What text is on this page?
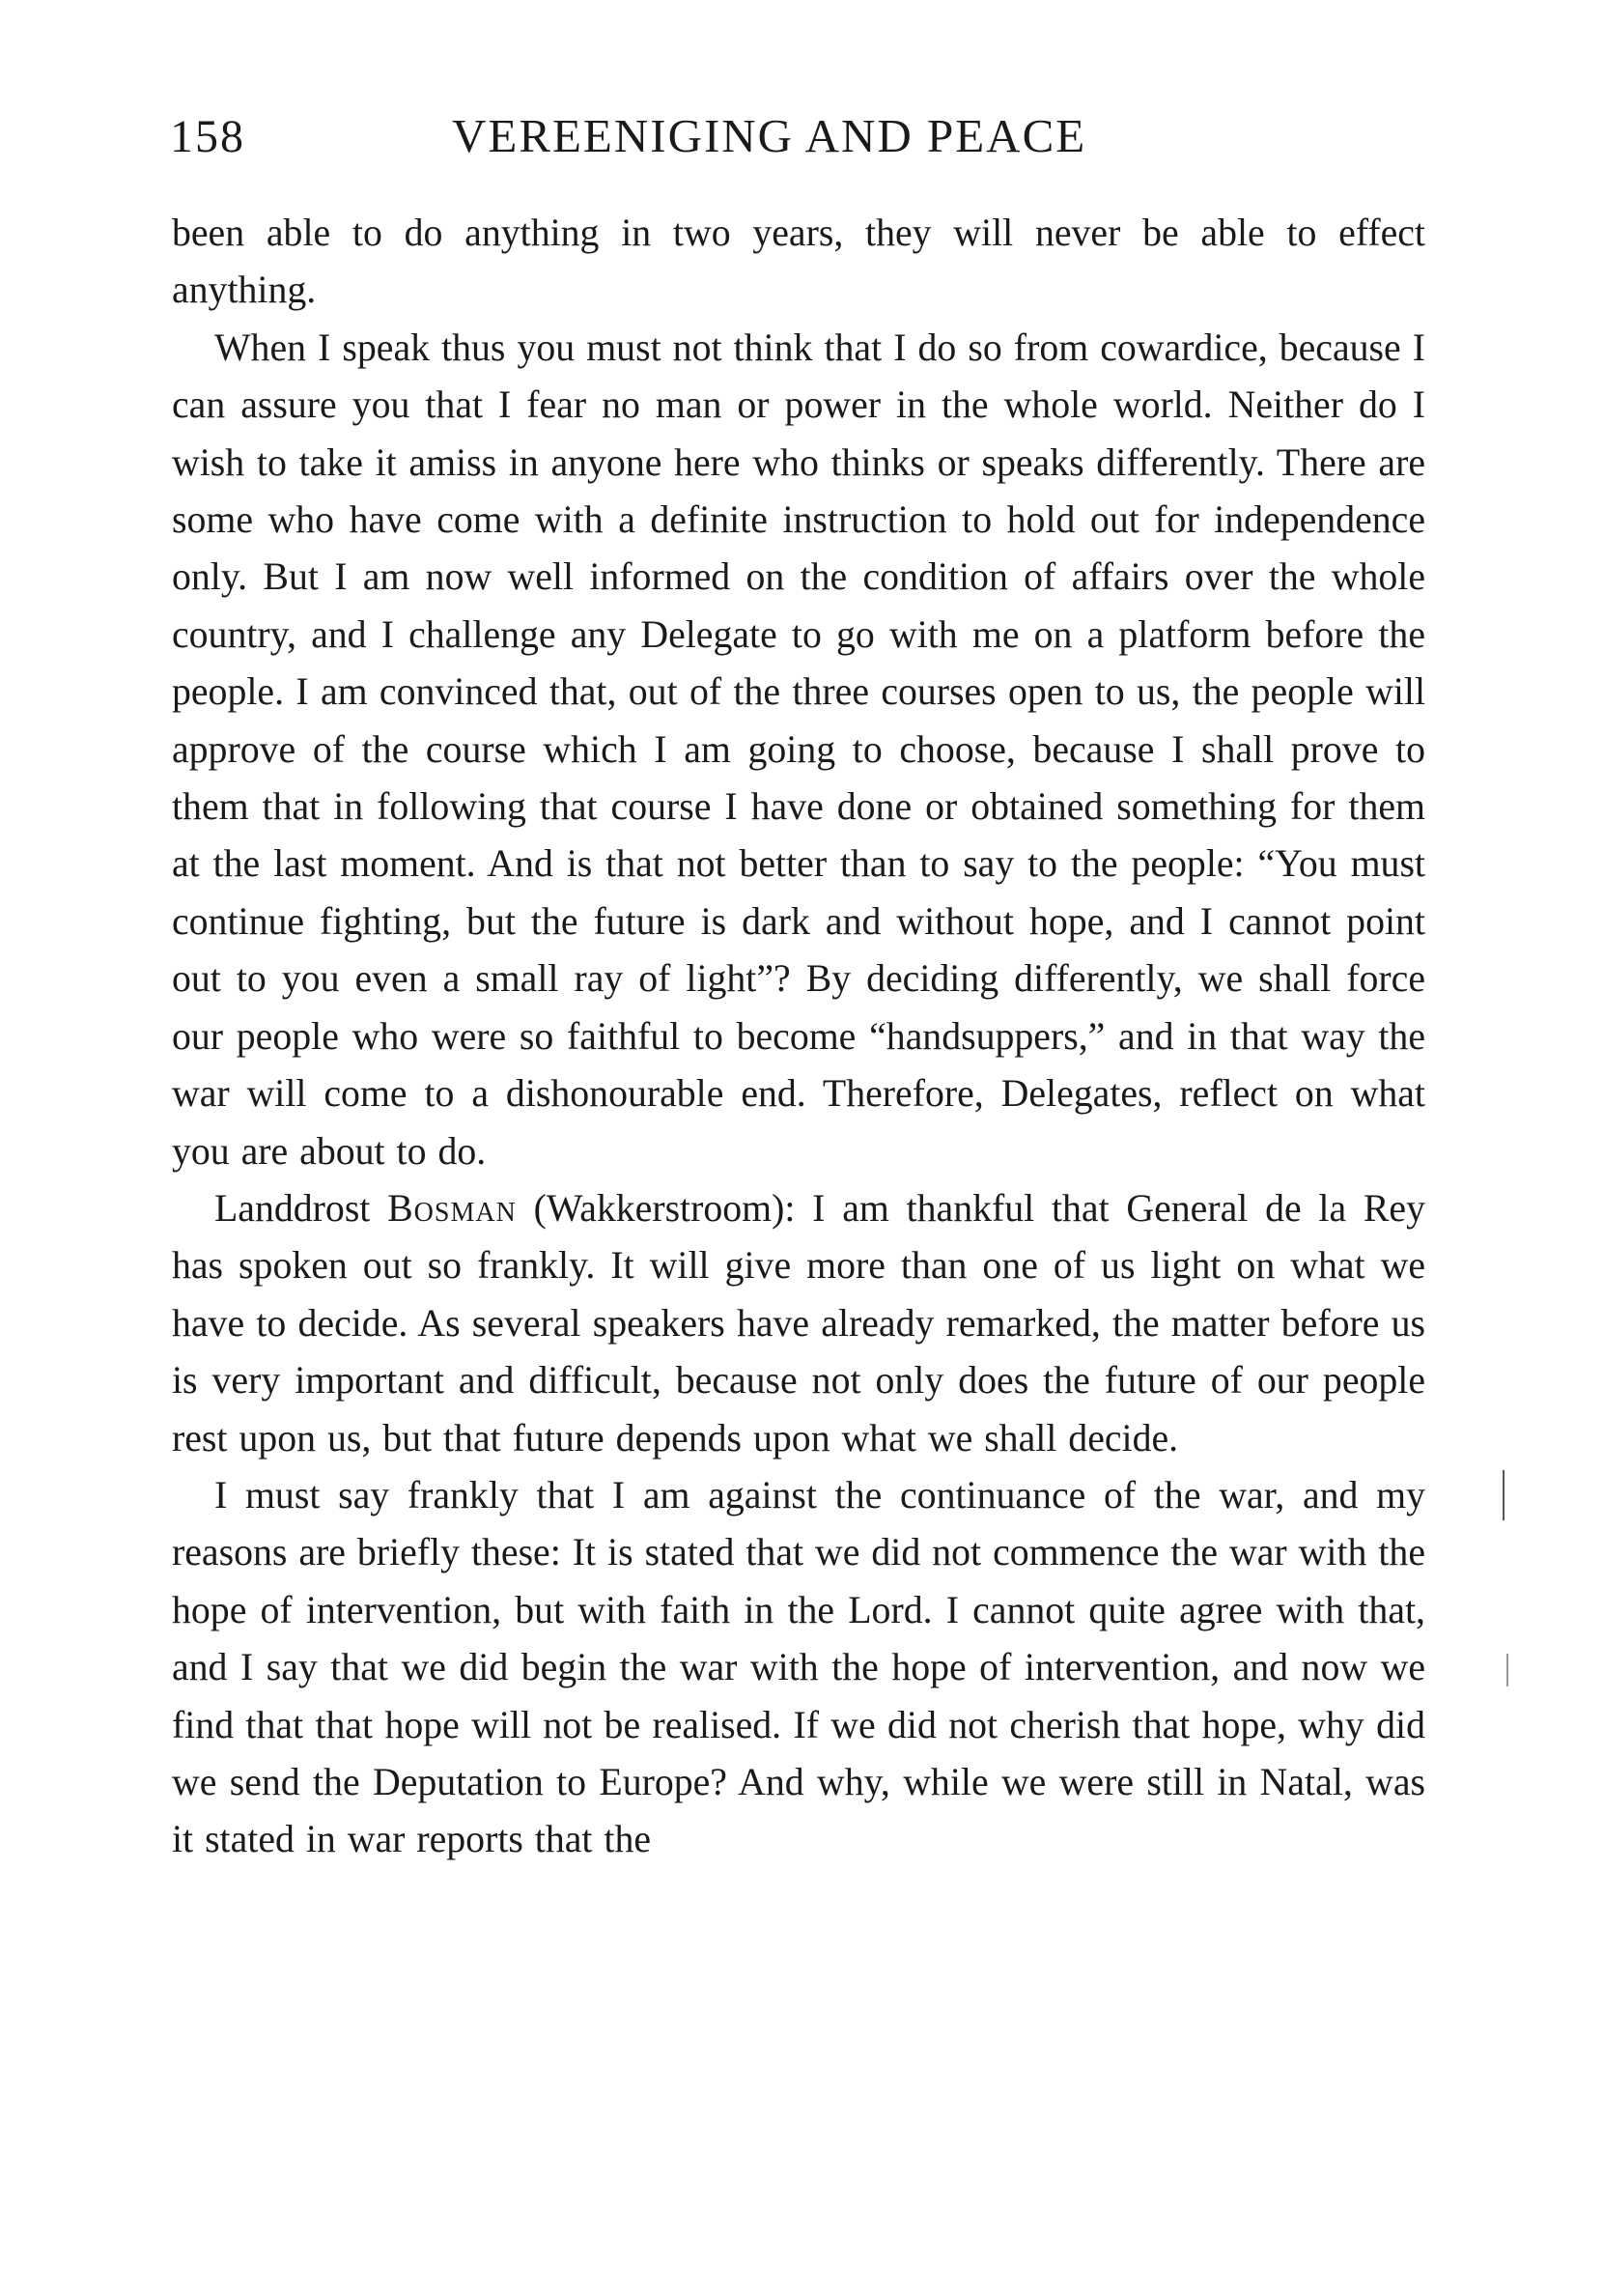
158	VEREENIGING AND PEACE

been able to do anything in two years, they will never be able to effect anything.

When I speak thus you must not think that I do so from cowardice, because I can assure you that I fear no man or power in the whole world. Neither do I wish to take it amiss in anyone here who thinks or speaks differently. There are some who have come with a definite instruction to hold out for independence only. But I am now well informed on the condition of affairs over the whole country, and I challenge any Delegate to go with me on a platform before the people. I am convinced that, out of the three courses open to us, the people will approve of the course which I am going to choose, because I shall prove to them that in following that course I have done or obtained something for them at the last moment. And is that not better than to say to the people: “You must continue fighting, but the future is dark and without hope, and I cannot point out to you even a small ray of light”? By deciding differently, we shall force our people who were so faithful to become “handsuppers,” and in that way the war will come to a dishonourable end. Therefore, Delegates, reflect on what you are about to do.

Landdrost Bosman (Wakkerstroom): I am thankful that General de la Rey has spoken out so frankly. It will give more than one of us light on what we have to decide. As several speakers have already remarked, the matter before us is very important and difficult, because not only does the future of our people rest upon us, but that future depends upon what we shall decide.

I must say frankly that I am against the continuance of the war, and my reasons are briefly these: It is stated that we did not commence the war with the hope of intervention, but with faith in the Lord. I cannot quite agree with that, and I say that we did begin the war with the hope of intervention, and now we find that that hope will not be realised. If we did not cherish that hope, why did we send the Deputation to Europe? And why, while we were still in Natal, was it stated in war reports that the
